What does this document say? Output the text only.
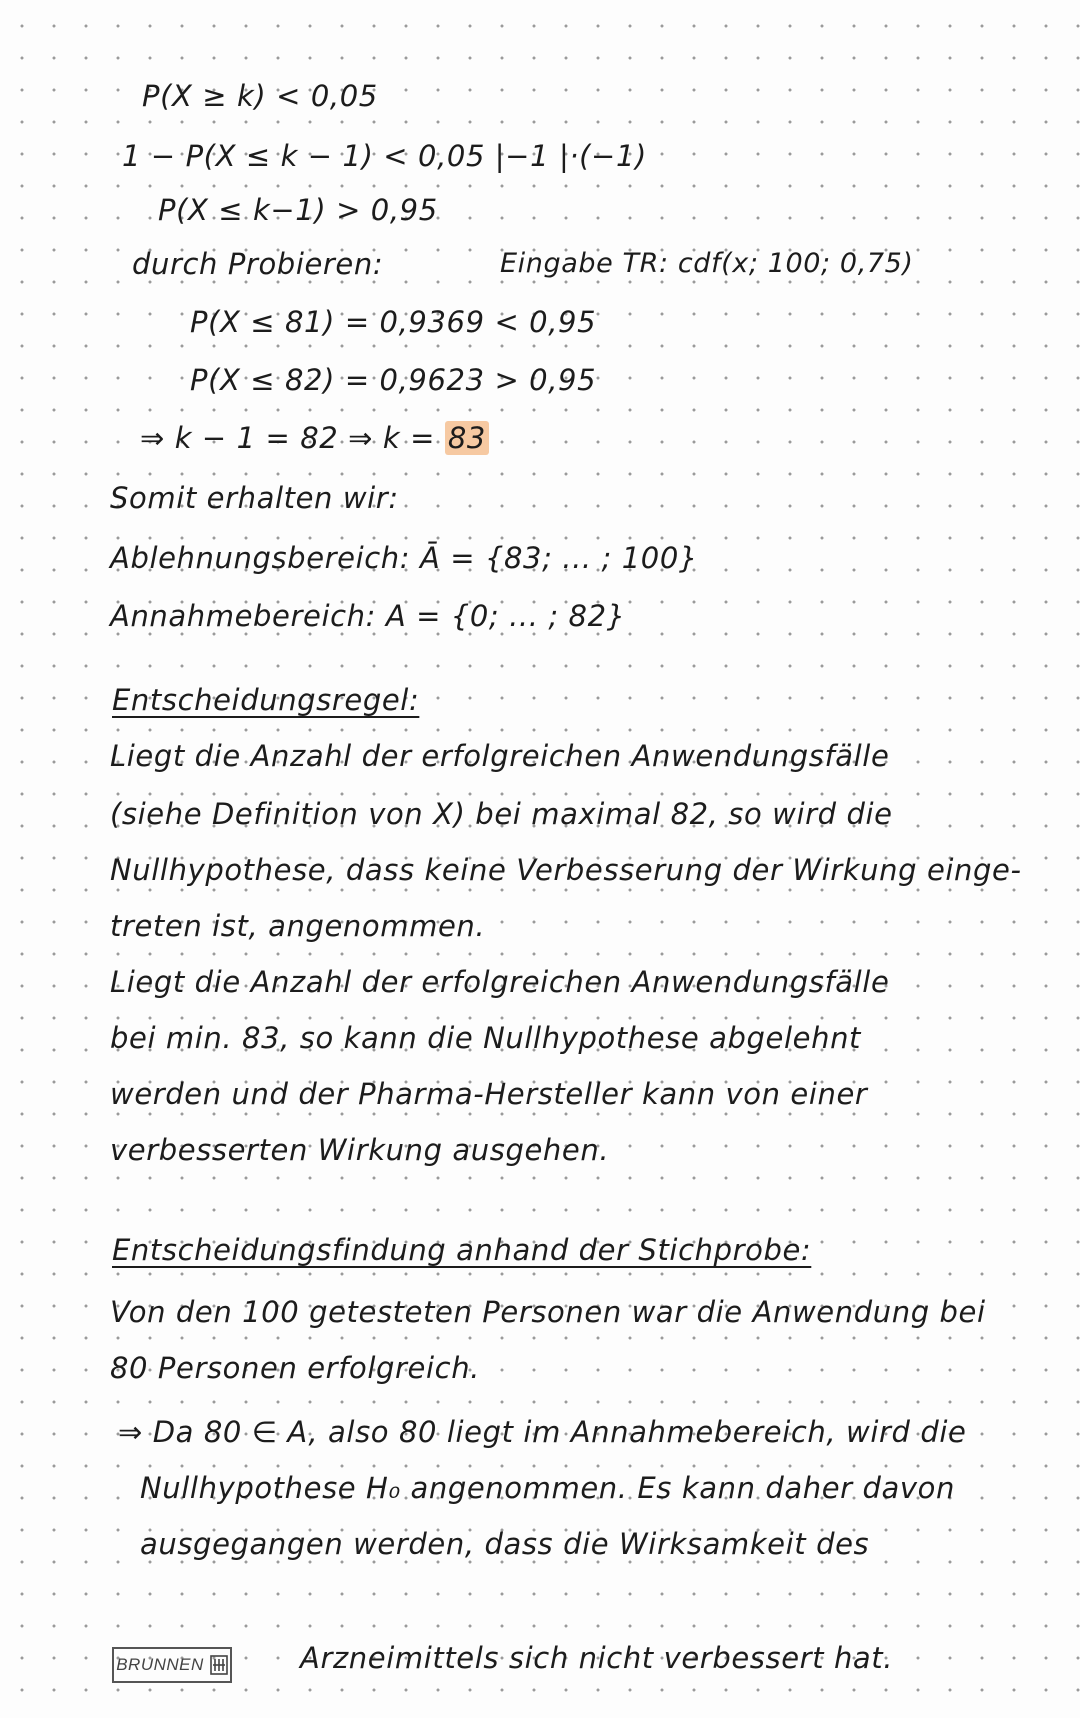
P(X ≥ k) < 0,05
1 − P(X ≤ k − 1) < 0,05 |−1 |·(−1)
P(X ≤ k−1) > 0,95
durch Probieren:	Eingabe TR: cdf(x; 100; 0,75)
P(X ≤ 81) = 0,9369 < 0,95
P(X ≤ 82) = 0,9623 > 0,95
⇒ k − 1 = 82 ⇒ k = 83
Somit erhalten wir:
Ablehnungsbereich: Ā = {83; ... ; 100}
Annahmebereich: A = {0; ... ; 82}
Entscheidungsregel:
Liegt die Anzahl der erfolgreichen Anwendungsfälle
(siehe Definition von X) bei maximal 82, so wird die
Nullhypothese, dass keine Verbesserung der Wirkung einge-
treten ist, angenommen.
Liegt die Anzahl der erfolgreichen Anwendungsfälle
bei min. 83, so kann die Nullhypothese abgelehnt
werden und der Pharma-Hersteller kann von einer
verbesserten Wirkung ausgehen.
Entscheidungsfindung anhand der Stichprobe:
Von den 100 getesteten Personen war die Anwendung bei
80 Personen erfolgreich.
⇒ Da 80 ∈ A, also 80 liegt im Annahmebereich, wird die
Nullhypothese H₀ angenommen. Es kann daher davon
ausgegangen werden, dass die Wirksamkeit des
Arzneimittels sich nicht verbessert hat.
BRUNNEN
